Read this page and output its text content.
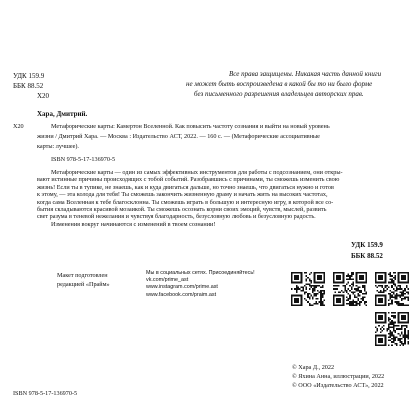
УДК 159.9
ББК 88.52
Х20
Все права защищены. Никакая часть данной книги
не может быть воспроизведена в какой бы то ни было форме
без письменного разрешения владельцев авторских прав.
Хара, Дмитрий.
Х20	Метафорические карты: Камертон Вселенной. Как повысить частоту сознания и выйти на новый уровень
жизни / Дмитрий Хара. — Москва : Издательство АСТ, 2022. — 160 с. — (Метафорические ассоциативные
карты: лучшее).
ISBN 978-5-17-136970-5
Метафорические карты — один из самых эффективных инструментов для работы с подсознанием, они откры-
вают истинные причины происходящих с тобой событий. Разобравшись с причинами, ты сможешь изменить свою
жизнь! Если ты в тупике, не знаешь, как и куда двигаться дальше, но точно знаешь, что двигаться нужно и готов
к этому, — эта колода для тебя! Ты сможешь закончить жизненную драму и начать жить на высоких частотах,
когда сама Вселенная к тебе благосклонна. Ты сможешь играть в большую и интересную игру, в которой все со-
бытия складываются красивой мозаикой. Ты сможешь осознать корни своих эмоций, чувств, мыслей, развить
свет разума в теневой нежелания и чувствуя благодарность, безусловную любовь и безусловную радость.
Изменения вокруг начинаются с изменений в твоем сознании!
УДК 159.9
ББК 88.52
Макет подготовлен
редакцией «Прайм»
Мы в социальных сетях. Присоединяйтесь!
vk.com/prime_ast
www.instagram.com/prime.ast
www.facebook.com/praim.ast
© Хара Д., 2022
© Яхина Анна, иллюстрации, 2022
© ООО «Издательство АСТ», 2022
ISBN 978-5-17-136970-5
